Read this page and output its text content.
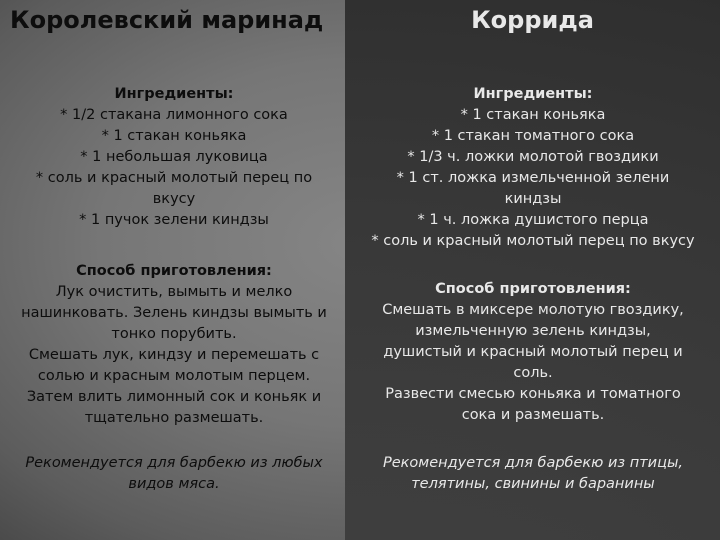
Королевский маринад	Коррида
Ингредиенты:
* 1/2 стакана лимонного сока
* 1 стакан коньяка
* 1 небольшая луковица
* соль и красный молотый перец по
вкусу
* 1 пучок зелени киндзы
Способ приготовления:
Лук очистить, вымыть и мелко
нашинковать. Зелень киндзы вымыть и
тонко порубить.
Смешать лук, киндзу и перемешать с
солью и красным молотым перцем.
Затем влить лимонный сок и коньяк и
тщательно размешать.
Рекомендуется для барбекю из любых
видов мяса.
Ингредиенты:
* 1 стакан коньяка
* 1 стакан томатного сока
* 1/3 ч. ложки молотой гвоздики
* 1 ст. ложка измельченной зелени
киндзы
* 1 ч. ложка душистого перца
* соль и красный молотый перец по вкусу
Способ приготовления:
Смешать в миксере молотую гвоздику,
измельченную зелень киндзы,
душистый и красный молотый перец и
соль.
Развести смесью коньяка и томатного
сока и размешать.
Рекомендуется для барбекю из птицы,
телятины, свинины и баранины
